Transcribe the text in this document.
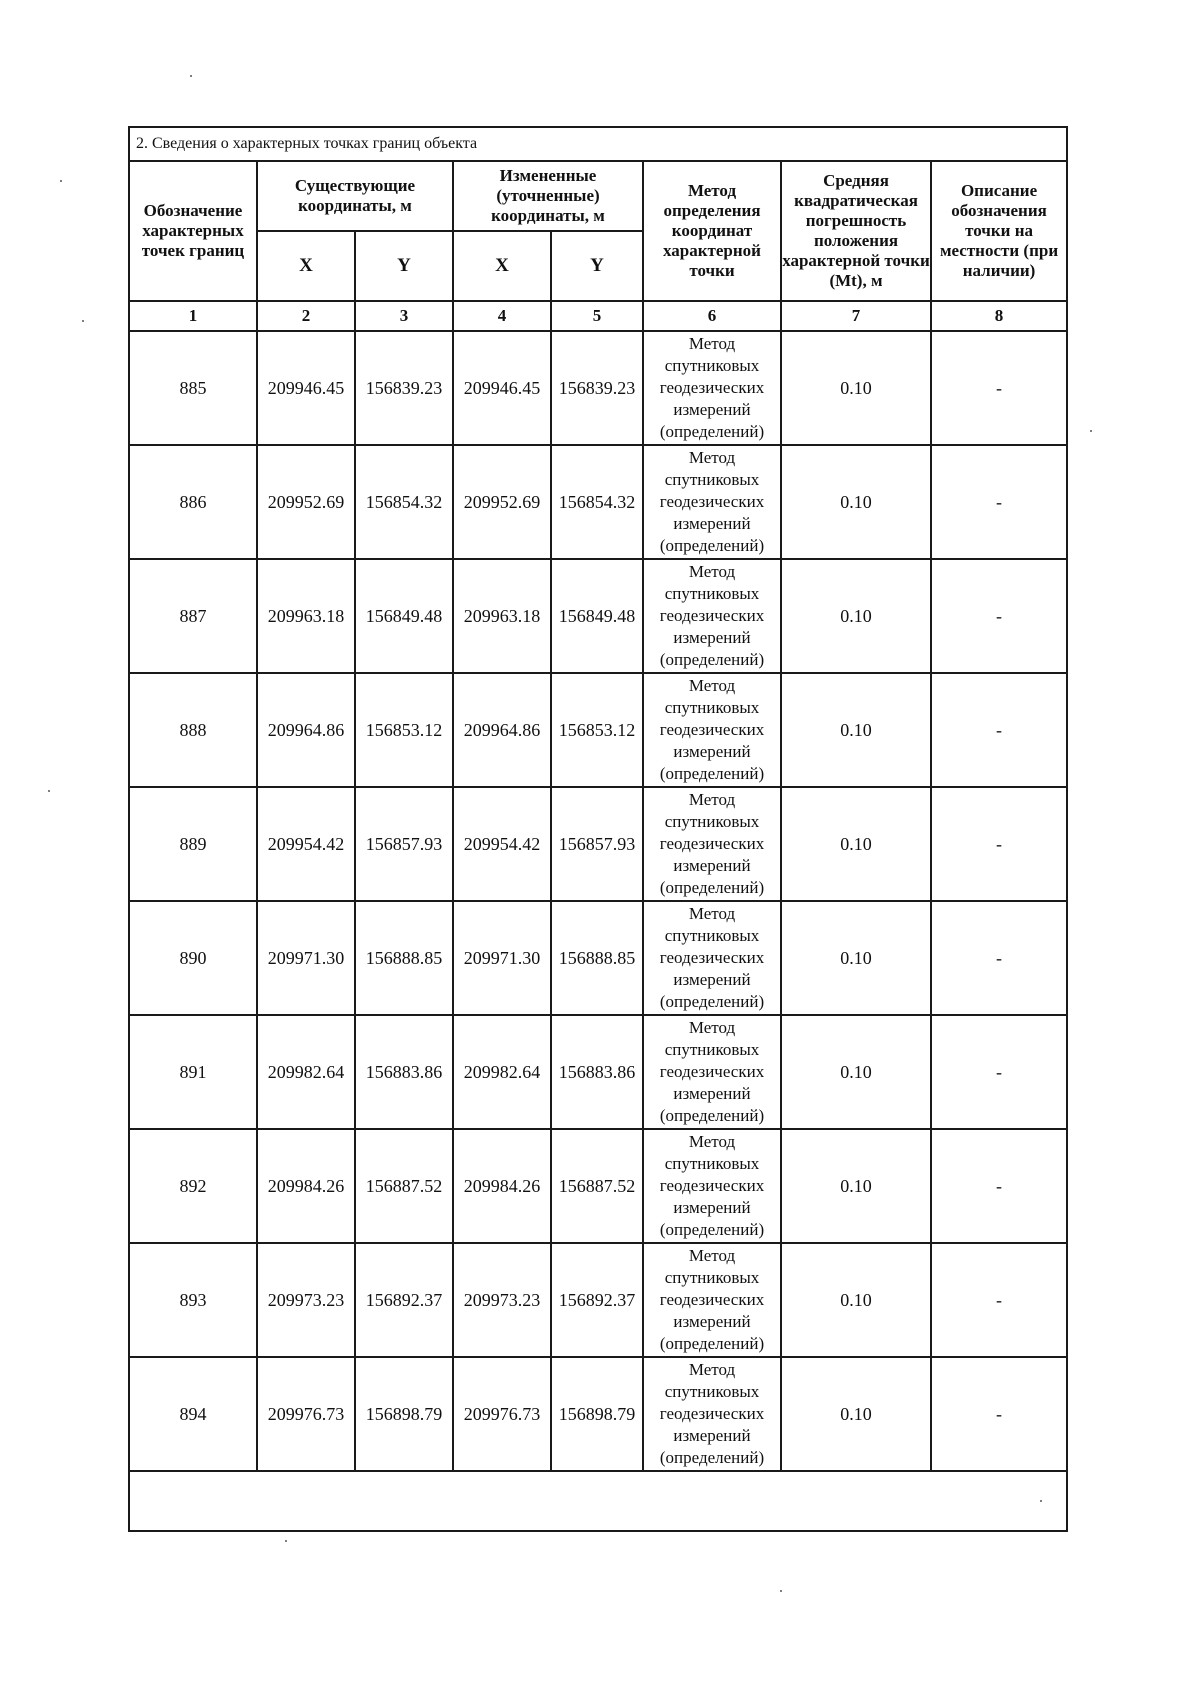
2. Сведения о характерных точках границ объекта							
Обозначение характерных точек границ	Существующие координаты, м		Измененные (уточненные) координаты, м		Метод определения координат характерной точки	Средняя квадратическая погрешность положения характерной точки (Mt), м	Описание обозначения точки на местности (при наличии)
	X	Y	X	Y			
1	2	3	4	5	6	7	8
885	209946.45	156839.23	209946.45	156839.23	Метод спутниковых геодезических измерений (определений)	0.10	-
886	209952.69	156854.32	209952.69	156854.32	Метод спутниковых геодезических измерений (определений)	0.10	-
887	209963.18	156849.48	209963.18	156849.48	Метод спутниковых геодезических измерений (определений)	0.10	-
888	209964.86	156853.12	209964.86	156853.12	Метод спутниковых геодезических измерений (определений)	0.10	-
889	209954.42	156857.93	209954.42	156857.93	Метод спутниковых геодезических измерений (определений)	0.10	-
890	209971.30	156888.85	209971.30	156888.85	Метод спутниковых геодезических измерений (определений)	0.10	-
891	209982.64	156883.86	209982.64	156883.86	Метод спутниковых геодезических измерений (определений)	0.10	-
892	209984.26	156887.52	209984.26	156887.52	Метод спутниковых геодезических измерений (определений)	0.10	-
893	209973.23	156892.37	209973.23	156892.37	Метод спутниковых геодезических измерений (определений)	0.10	-
894	209976.73	156898.79	209976.73	156898.79	Метод спутниковых геодезических измерений (определений)	0.10	-
